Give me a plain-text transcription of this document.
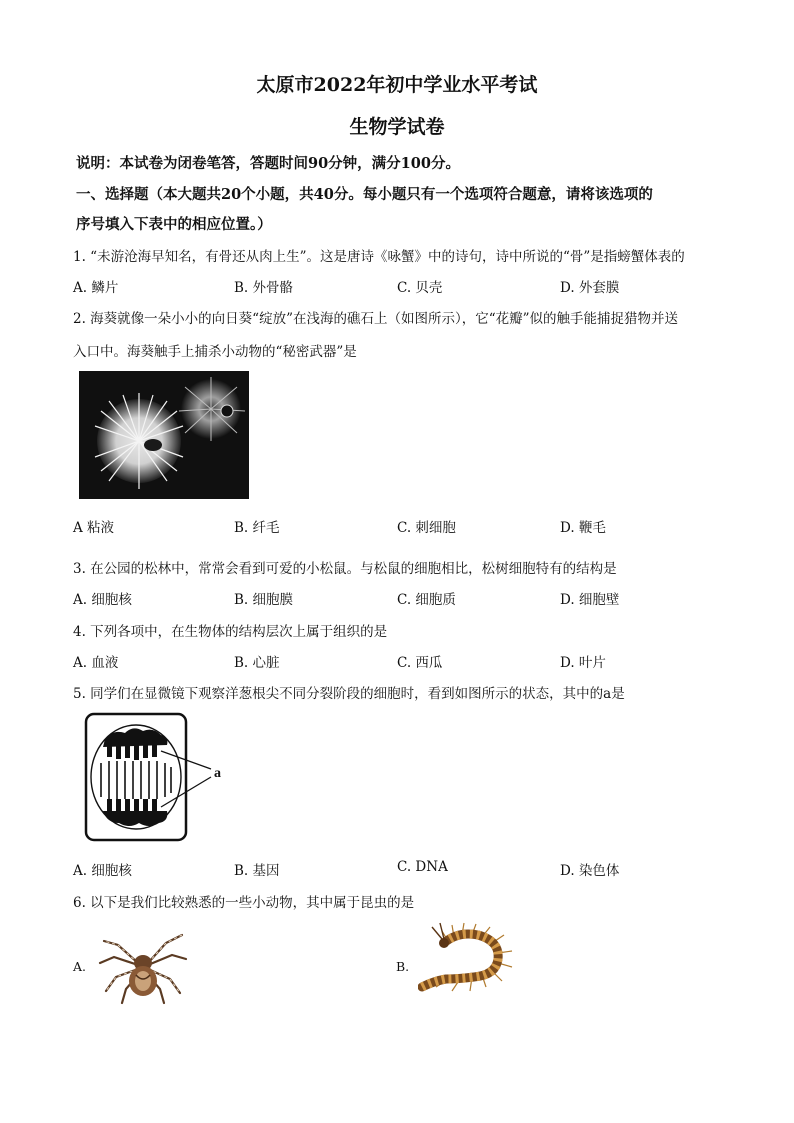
太原市2022年初中学业水平考试
生物学试卷
说明：本试卷为闭卷笔答，答题时间90分钟，满分100分。
一、选择题（本大题共20个小题，共40分。每小题只有一个选项符合题意，请将该选项的
序号填入下表中的相应位置。）
1. “未游沧海早知名，有骨还从肉上生”。这是唐诗《咏蟹》中的诗句，诗中所说的“骨”是指螃蟹体表的
A. 鳞片	B. 外骨骼	C. 贝壳	D. 外套膜
2. 海葵就像一朵小小的向日葵“绽放”在浅海的礁石上（如图所示），它“花瓣”似的触手能捕捉猎物并送
入口中。海葵触手上捕杀小动物的“秘密武器”是
A 粘液	B. 纤毛	C. 刺细胞	D. 鞭毛
3. 在公园的松林中，常常会看到可爱的小松鼠。与松鼠的细胞相比，松树细胞特有的结构是
A. 细胞核	B. 细胞膜	C. 细胞质	D. 细胞壁
4. 下列各项中，在生物体的结构层次上属于组织的是
A. 血液	B. 心脏	C. 西瓜	D. 叶片
5. 同学们在显微镜下观察洋葱根尖不同分裂阶段的细胞时，看到如图所示的状态，其中的a是
a
A. 细胞核	B. 基因	C. DNA	D. 染色体
6. 以下是我们比较熟悉的一些小动物，其中属于昆虫的是
A.	B.
